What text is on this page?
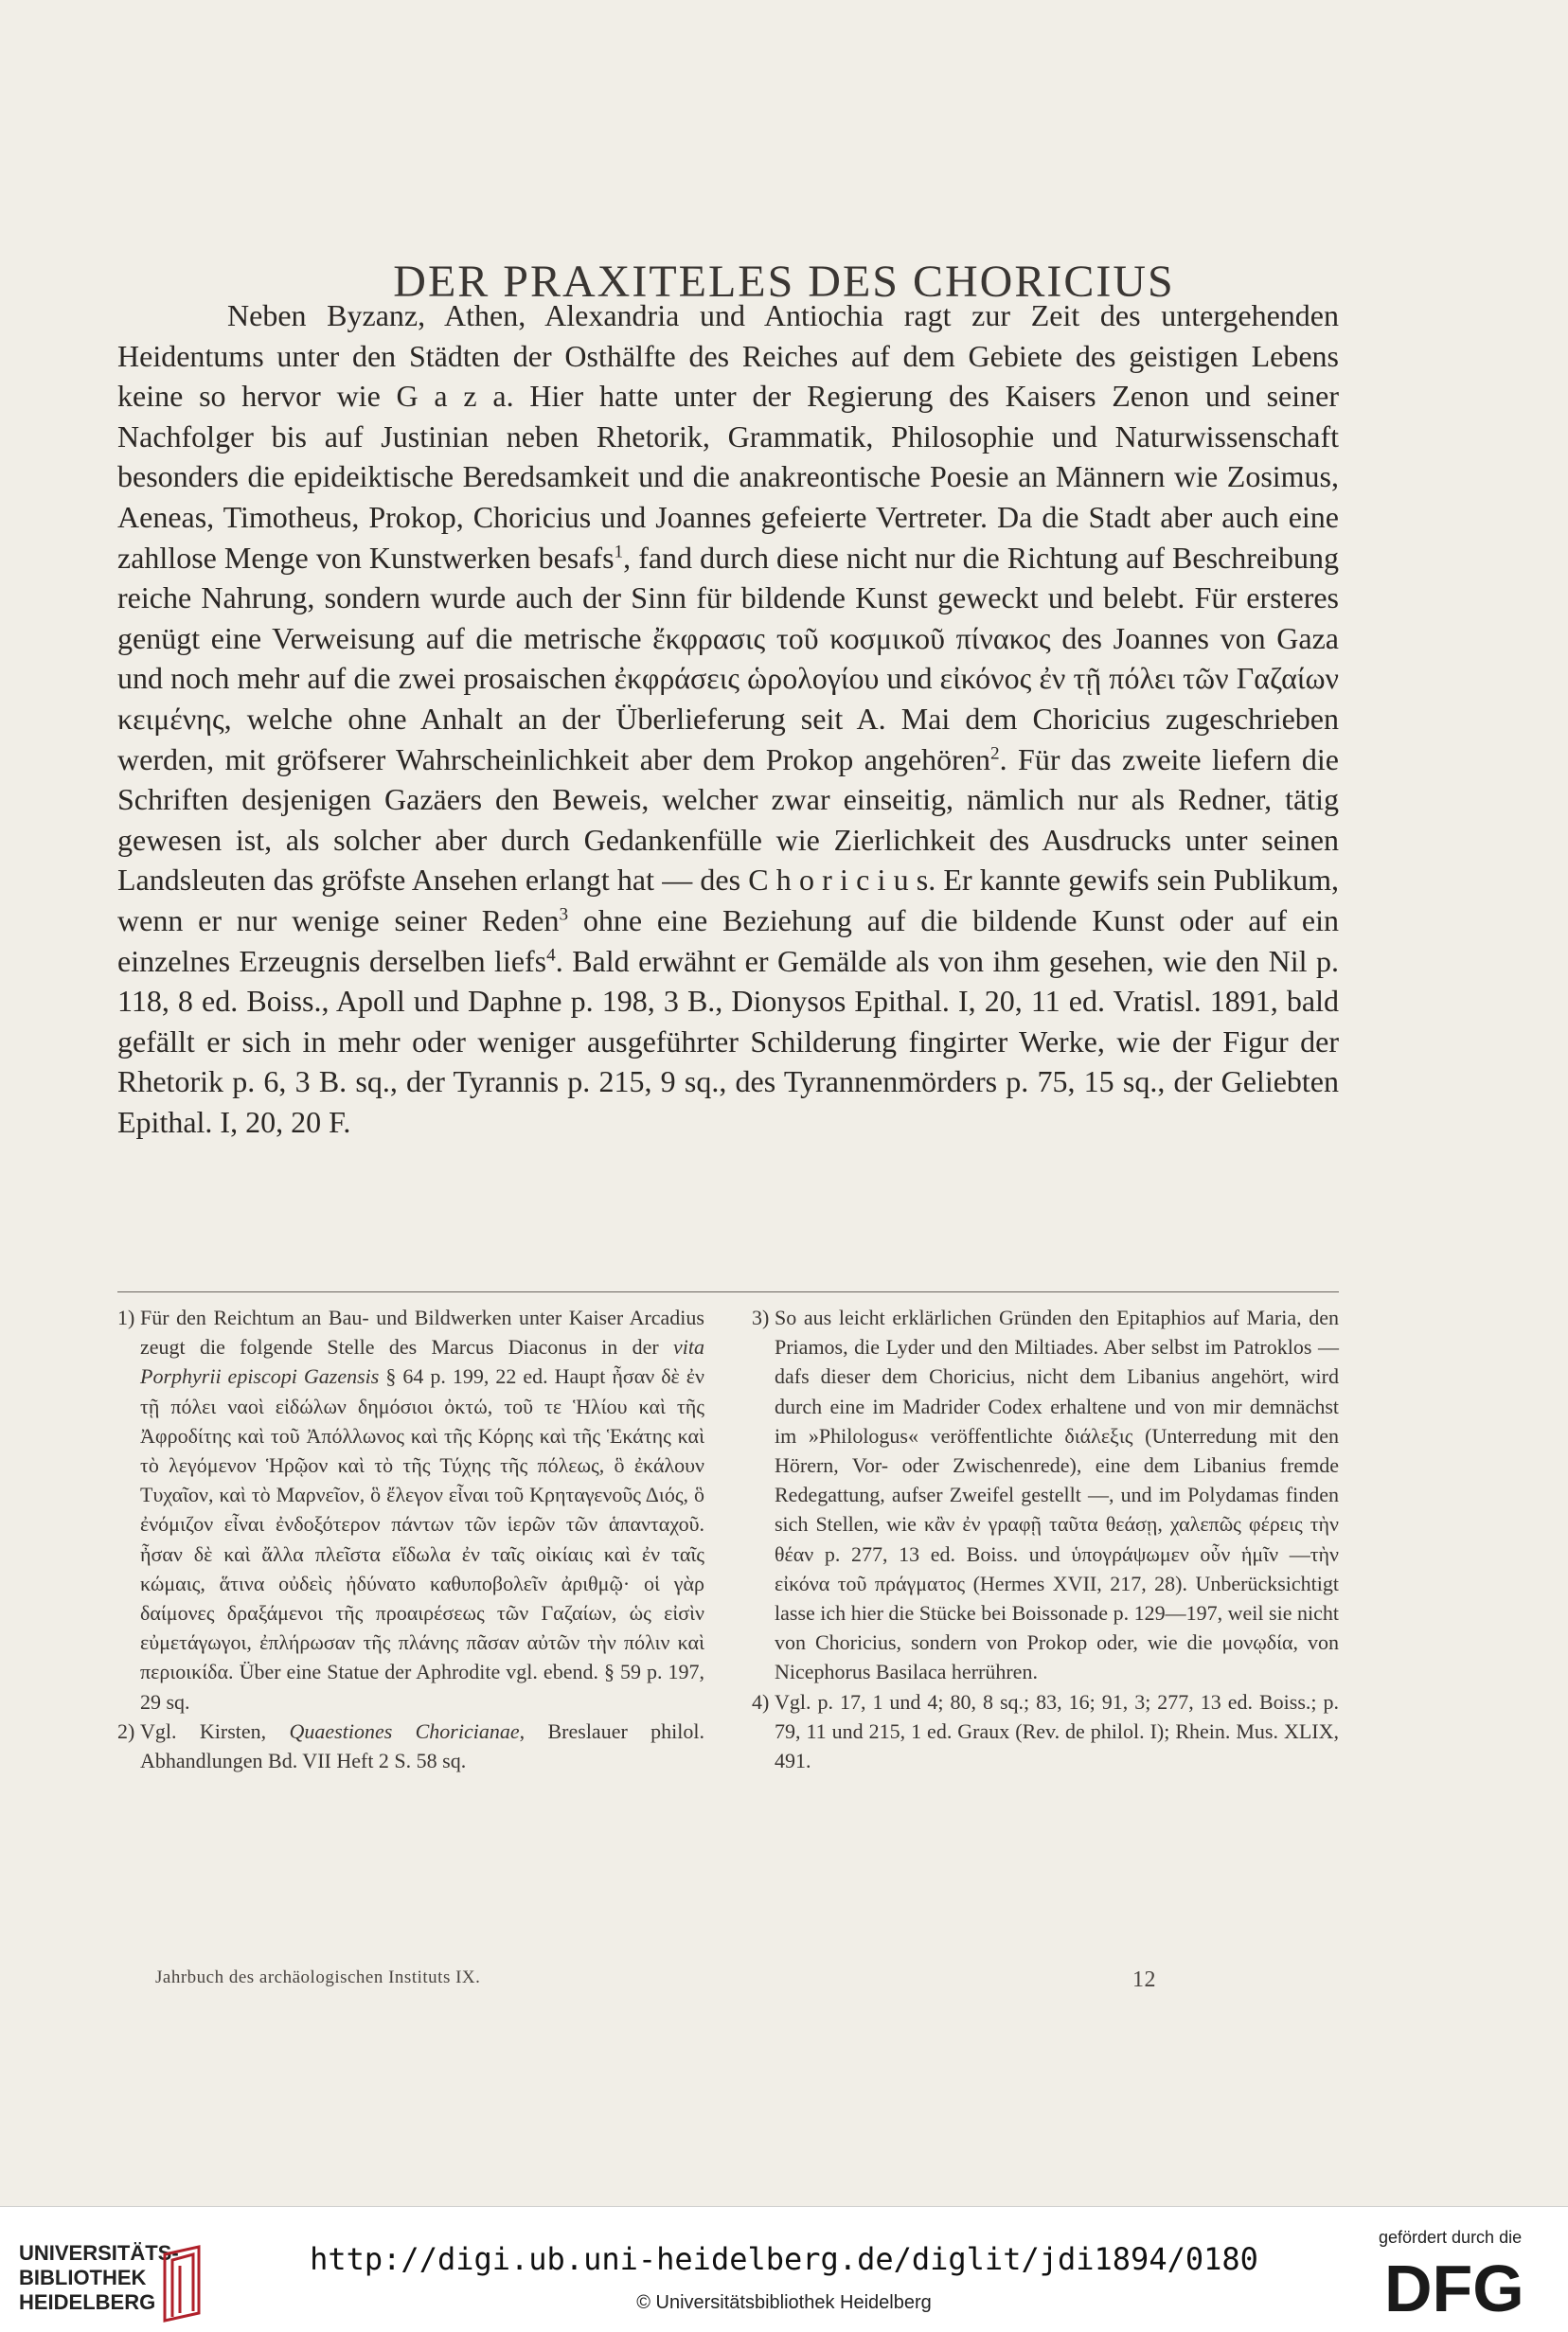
DER PRAXITELES DES CHORICIUS

Neben Byzanz, Athen, Alexandria und Antiochia ragt zur Zeit des untergehenden Heidentums unter den Städten der Osthälfte des Reiches auf dem Gebiete des geistigen Lebens keine so hervor wie G a z a. Hier hatte unter der Regierung des Kaisers Zenon und seiner Nachfolger bis auf Justinian neben Rhetorik, Grammatik, Philosophie und Naturwissenschaft besonders die epideiktische Beredsamkeit und die anakreontische Poesie an Männern wie Zosimus, Aeneas, Timotheus, Prokop, Choricius und Joannes gefeierte Vertreter. Da die Stadt aber auch eine zahllose Menge von Kunstwerken besafs$^1$, fand durch diese nicht nur die Richtung auf Beschreibung reiche Nahrung, sondern wurde auch der Sinn für bildende Kunst geweckt und belebt. Für ersteres genügt eine Verweisung auf die metrische ἔκφρασις τοῦ κοσμικοῦ πίνακος des Joannes von Gaza und noch mehr auf die zwei prosaischen ἐκφράσεις ὡρολογίου und εἰκόνος ἐν τῇ πόλει τῶν Γαζαίων κειμένης, welche ohne Anhalt an der Überlieferung seit A. Mai dem Choricius zugeschrieben werden, mit gröfserer Wahrscheinlichkeit aber dem Prokop angehören$^2$. Für das zweite liefern die Schriften desjenigen Gazäers den Beweis, welcher zwar einseitig, nämlich nur als Redner, tätig gewesen ist, als solcher aber durch Gedankenfülle wie Zierlichkeit des Ausdrucks unter seinen Landsleuten das gröfste Ansehen erlangt hat — des C h o r i c i u s. Er kannte gewifs sein Publikum, wenn er nur wenige seiner Reden$^3$ ohne eine Beziehung auf die bildende Kunst oder auf ein einzelnes Erzeugnis derselben liefs$^4$. Bald erwähnt er Gemälde als von ihm gesehen, wie den Nil p. 118, 8 ed. Boiss., Apoll und Daphne p. 198, 3 B., Dionysos Epithal. I, 20, 11 ed. Vratisl. 1891, bald gefällt er sich in mehr oder weniger ausgeführter Schilderung fingirter Werke, wie der Figur der Rhetorik p. 6, 3 B. sq., der Tyrannis p. 215, 9 sq., des Tyrannenmörders p. 75, 15 sq., der Geliebten Epithal. I, 20, 20 F.

1) Für den Reichtum an Bau- und Bildwerken unter Kaiser Arcadius zeugt die folgende Stelle des Marcus Diaconus in der vita Porphyrii episcopi Gazensis § 64 p. 199, 22 ed. Haupt ἦσαν δὲ ἐν τῇ πόλει ναοὶ εἰδώλων δημόσιοι ὀκτώ, τοῦ τε Ἡλίου καὶ τῆς Ἀφροδίτης καὶ τοῦ Ἀπόλλωνος καὶ τῆς Κόρης καὶ τῆς Ἑκάτης καὶ τὸ λεγόμενον Ἡρῷον καὶ τὸ τῆς Τύχης τῆς πόλεως, ὃ ἐκάλουν Τυχαῖον, καὶ τὸ Μαρνεῖον, ὃ ἔλεγον εἶναι τοῦ Κρηταγενοῦς Διός, ὃ ἐνόμιζον εἶναι ἐνδοξότερον πάντων τῶν ἱερῶν τῶν ἁπανταχοῦ. ἦσαν δὲ καὶ ἄλλα πλεῖστα εἴδωλα ἐν ταῖς οἰκίαις καὶ ἐν ταῖς κώμαις, ἅτινα οὐδεὶς ἠδύνατο καθυποβολεῖν ἀριθμῷ· οἱ γὰρ δαίμονες δραξάμενοι τῆς προαιρέσεως τῶν Γαζαίων, ὡς εἰσὶν εὐμετάγωγοι, ἐπλήρωσαν τῆς πλάνης πᾶσαν αὐτῶν τὴν πόλιν καὶ περιοικίδα. Über eine Statue der Aphrodite vgl. ebend. § 59 p. 197, 29 sq.

2) Vgl. Kirsten, Quaestiones Choricianae, Breslauer philol. Abhandlungen Bd. VII Heft 2 S. 58 sq.

3) So aus leicht erklärlichen Gründen den Epitaphios auf Maria, den Priamos, die Lyder und den Miltiades. Aber selbst im Patroklos — dafs dieser dem Choricius, nicht dem Libanius angehört, wird durch eine im Madrider Codex erhaltene und von mir demnächst im »Philologus« veröffentlichte διάλεξις (Unterredung mit den Hörern, Vor- oder Zwischenrede), eine dem Libanius fremde Redegattung, aufser Zweifel gestellt —, und im Polydamas finden sich Stellen, wie κἂν ἐν γραφῇ ταῦτα θεάσῃ, χαλεπῶς φέρεις τὴν θέαν p. 277, 13 ed. Boiss. und ὑπογράψωμεν οὖν ἡμῖν —τὴν εἰκόνα τοῦ πράγματος (Hermes XVII, 217, 28). Unberücksichtigt lasse ich hier die Stücke bei Boissonade p. 129—197, weil sie nicht von Choricius, sondern von Prokop oder, wie die μονῳδία, von Nicephorus Basilaca herrühren.

4) Vgl. p. 17, 1 und 4; 80, 8 sq.; 83, 16; 91, 3; 277, 13 ed. Boiss.; p. 79, 11 und 215, 1 ed. Graux (Rev. de philol. I); Rhein. Mus. XLIX, 491.

Jahrbuch des archäologischen Instituts IX.	12
UNIVERSITÄTS-
BIBLIOTHEK
HEIDELBERG
http://digi.ub.uni-heidelberg.de/diglit/jdi1894/0180
© Universitätsbibliothek Heidelberg
gefördert durch die
DFG
